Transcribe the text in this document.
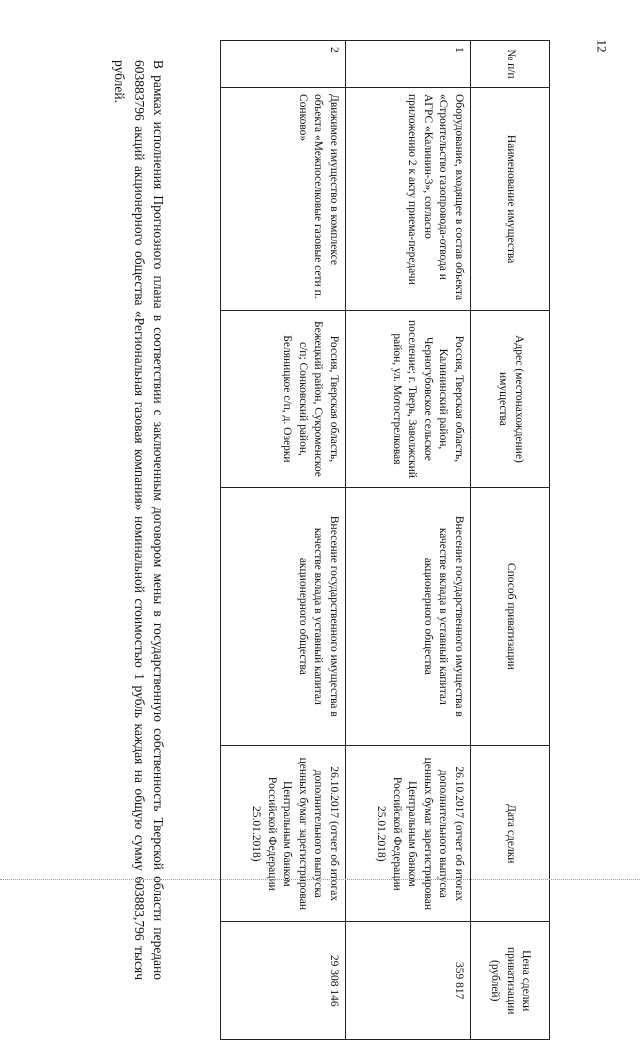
12
№ п/п	Наименование имущества	Адрес (местонахождение) имущества	Способ приватизации	Дата сделки	Цена сделки приватизации (рублей)
1	Оборудование, входящее в состав объекта «Строительство газопровода-отвода и АГРС «Калинин-3», согласно приложению 2 к акту приема-передачи	Россия, Тверская область, Калининский район, Черногубовское сельское поселение; г. Тверь, Заволжский район, ул. Мотострелковая	Внесение государственного имущества в качестве вклада в уставный капитал акционерного общества	26.10.2017 (отчет об итогах дополнительного выпуска ценных бумаг зарегистрирован Центральным банком Российской Федерации 25.01.2018)	359 817
2	Движимое имущество в комплексе объекта «Межпоселковые газовые сети п. Сонково»	Россия, Тверская область, Бежецкий район, Сукроменское с/п; Сонковский район, Беляницкое с/п, д. Озерки	Внесение государственного имущества в качестве вклада в уставный капитал акционерного общества	26.10.2017 (отчет об итогах дополнительного выпуска ценных бумаг зарегистрирован Центральным банком Российской Федерации 25.01.2018)	29 308 146

В рамках исполнения Прогнозного плана в соответствии с заключенным договором мены в государственную собственность Тверской области передано 603883796 акций акционерного общества «Региональная газовая компания» номинальной стоимостью 1 рубль каждая на общую сумму 603883,796 тысяч рублей.
